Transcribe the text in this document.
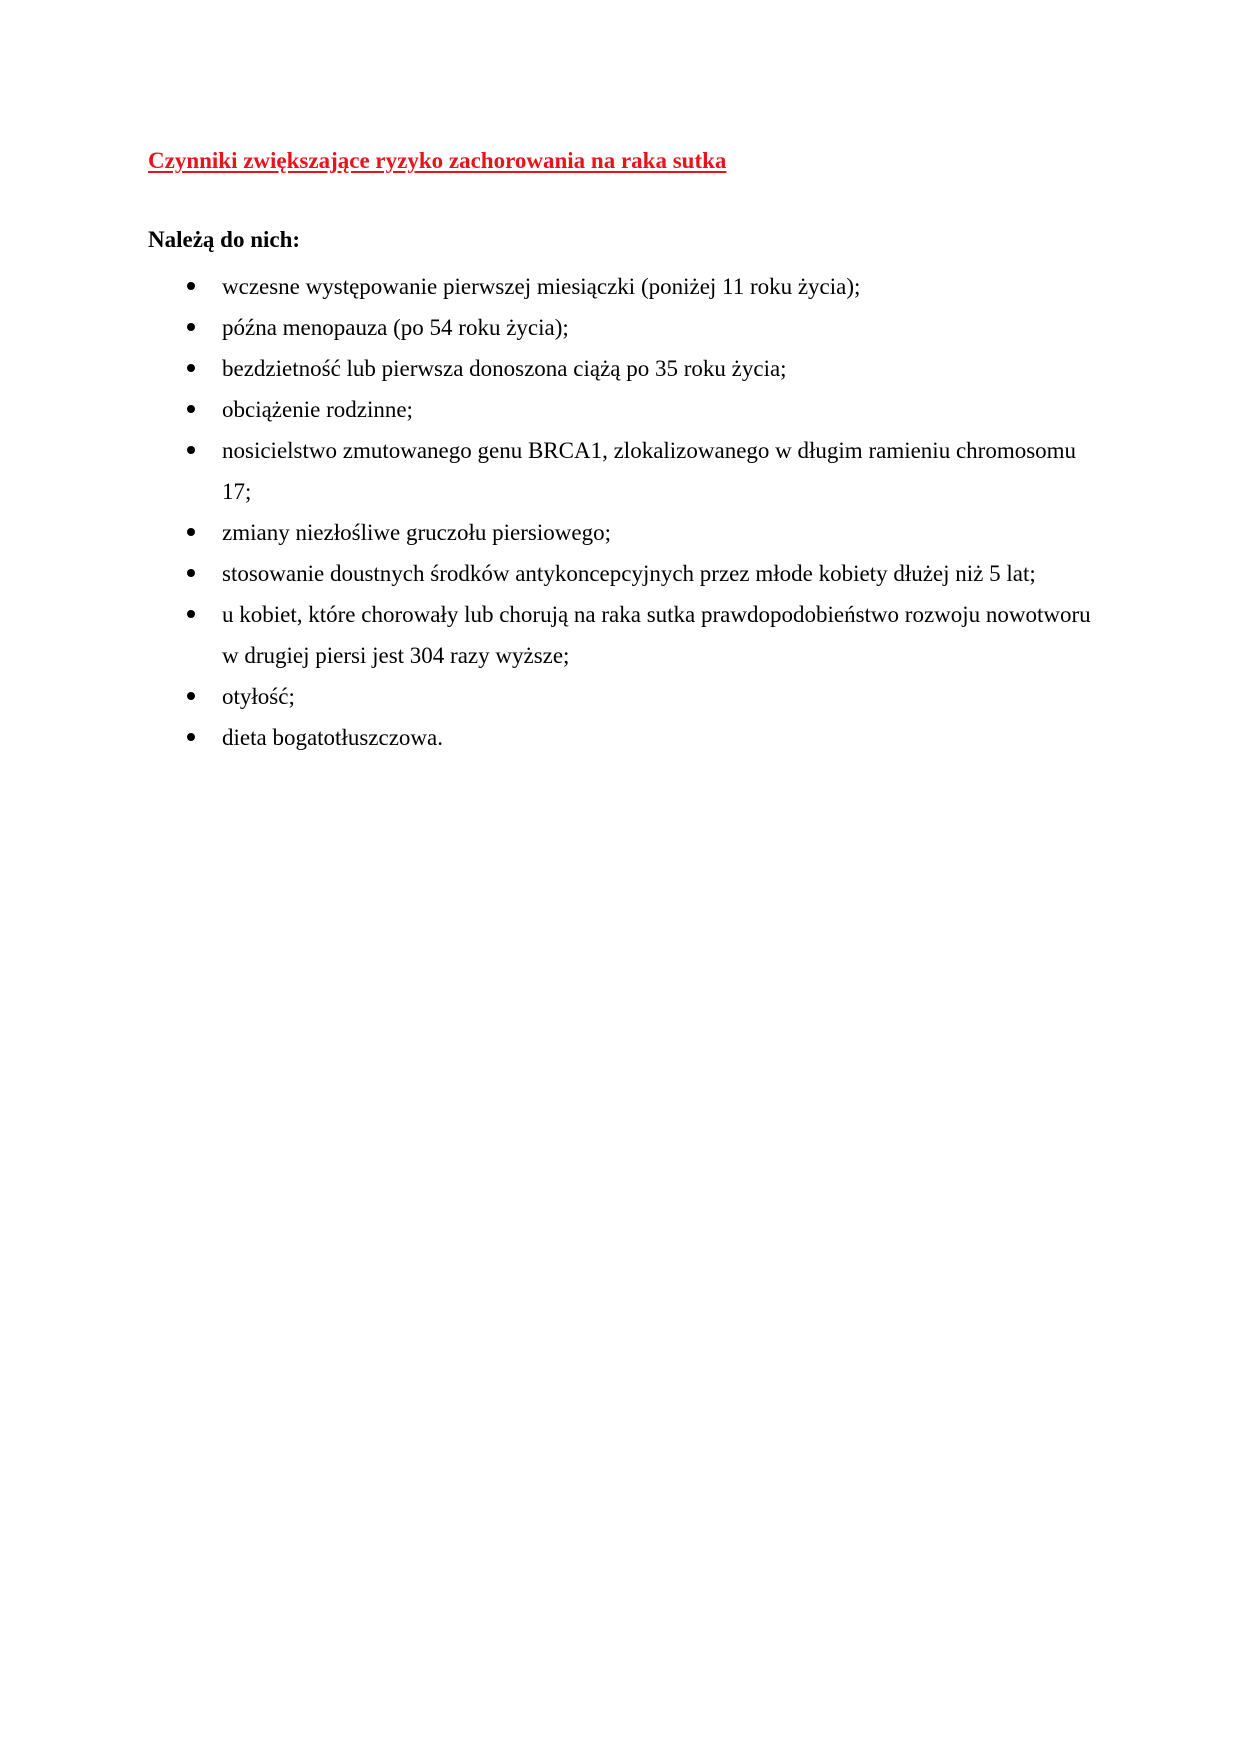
Czynniki zwiększające ryzyko zachorowania na raka sutka
Należą do nich:
wczesne występowanie pierwszej miesiączki (poniżej 11 roku życia);
późna menopauza (po 54 roku życia);
bezdzietność lub pierwsza donoszona ciążą po 35 roku życia;
obciążenie rodzinne;
nosicielstwo zmutowanego genu BRCA1, zlokalizowanego w długim ramieniu chromosomu 17;
zmiany niezłośliwe gruczołu piersiowego;
stosowanie doustnych środków antykoncepcyjnych przez młode kobiety dłużej niż 5 lat;
u kobiet, które chorowały lub chorują na raka sutka prawdopodobieństwo rozwoju nowotworu w drugiej piersi jest 304 razy wyższe;
otyłość;
dieta bogatotłuszczowa.
